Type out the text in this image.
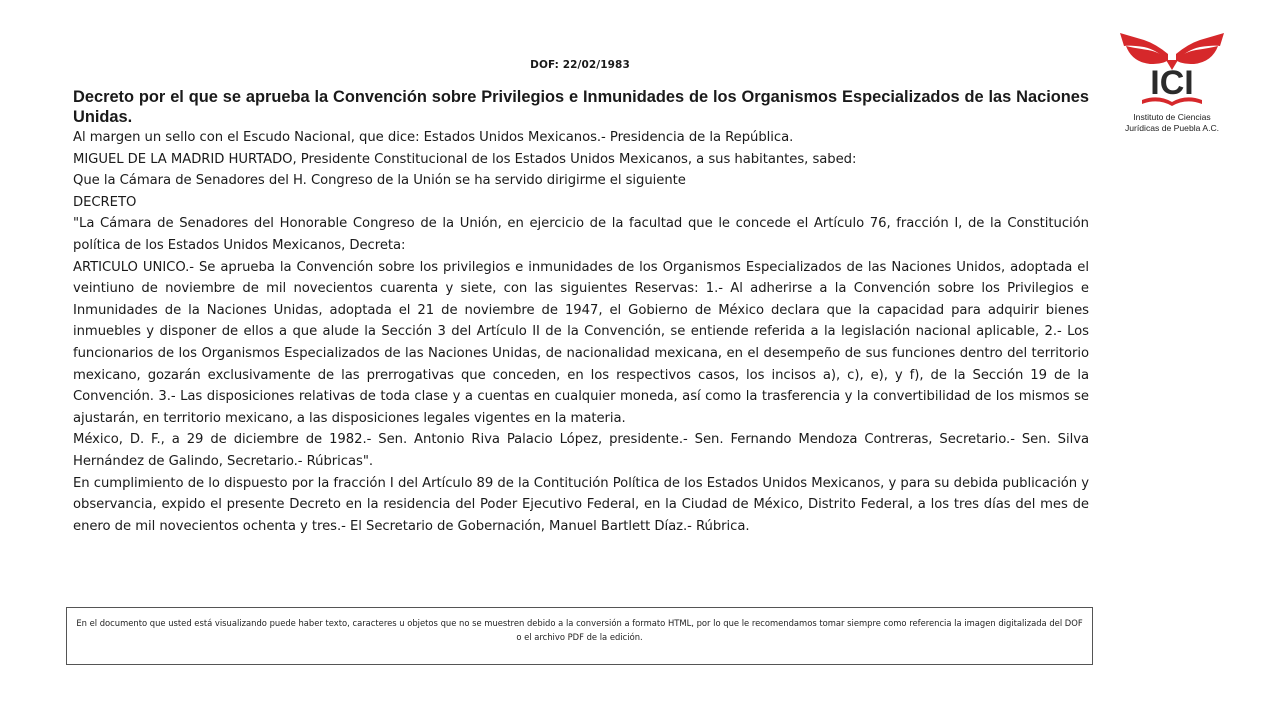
DOF: 22/02/1983

Decreto por el que se aprueba la Convención sobre Privilegios e Inmunidades de los Organismos Especializados de las Naciones Unidas.

Al margen un sello con el Escudo Nacional, que dice: Estados Unidos Mexicanos.- Presidencia de la República.

MIGUEL DE LA MADRID HURTADO, Presidente Constitucional de los Estados Unidos Mexicanos, a sus habitantes, sabed:

Que la Cámara de Senadores del H. Congreso de la Unión se ha servido dirigirme el siguiente

DECRETO

"La Cámara de Senadores del Honorable Congreso de la Unión, en ejercicio de la facultad que le concede el Artículo 76, fracción I, de la Constitución política de los Estados Unidos Mexicanos, Decreta:

ARTICULO UNICO.- Se aprueba la Convención sobre los privilegios e inmunidades de los Organismos Especializados de las Naciones Unidos, adoptada el veintiuno de noviembre de mil novecientos cuarenta y siete, con las siguientes Reservas: 1.- Al adherirse a la Convención sobre los Privilegios e Inmunidades de la Naciones Unidas, adoptada el 21 de noviembre de 1947, el Gobierno de México declara que la capacidad para adquirir bienes inmuebles y disponer de ellos a que alude la Sección 3 del Artículo II de la Convención, se entiende referida a la legislación nacional aplicable, 2.- Los funcionarios de los Organismos Especializados de las Naciones Unidas, de nacionalidad mexicana, en el desempeño de sus funciones dentro del territorio mexicano, gozarán exclusivamente de las prerrogativas que conceden, en los respectivos casos, los incisos a), c), e), y f), de la Sección 19 de la Convención. 3.- Las disposiciones relativas de toda clase y a cuentas en cualquier moneda, así como la trasferencia y la convertibilidad de los mismos se ajustarán, en territorio mexicano, a las disposiciones legales vigentes en la materia.

México, D. F., a 29 de diciembre de 1982.- Sen. Antonio Riva Palacio López, presidente.- Sen. Fernando Mendoza Contreras, Secretario.- Sen. Silva Hernández de Galindo, Secretario.- Rúbricas".

En cumplimiento de lo dispuesto por la fracción I del Artículo 89 de la Contitución Política de los Estados Unidos Mexicanos, y para su debida publicación y observancia, expido el presente Decreto en la residencia del Poder Ejecutivo Federal, en la Ciudad de México, Distrito Federal, a los tres días del mes de enero de mil novecientos ochenta y tres.- El Secretario de Gobernación, Manuel Bartlett Díaz.- Rúbrica.

En el documento que usted está visualizando puede haber texto, caracteres u objetos que no se muestren debido a la conversión a formato HTML, por lo que le recomendamos tomar siempre como referencia la imagen digitalizada del DOF o el archivo PDF de la edición.
ICI
Instituto de Ciencias
Jurídicas de Puebla A.C.
